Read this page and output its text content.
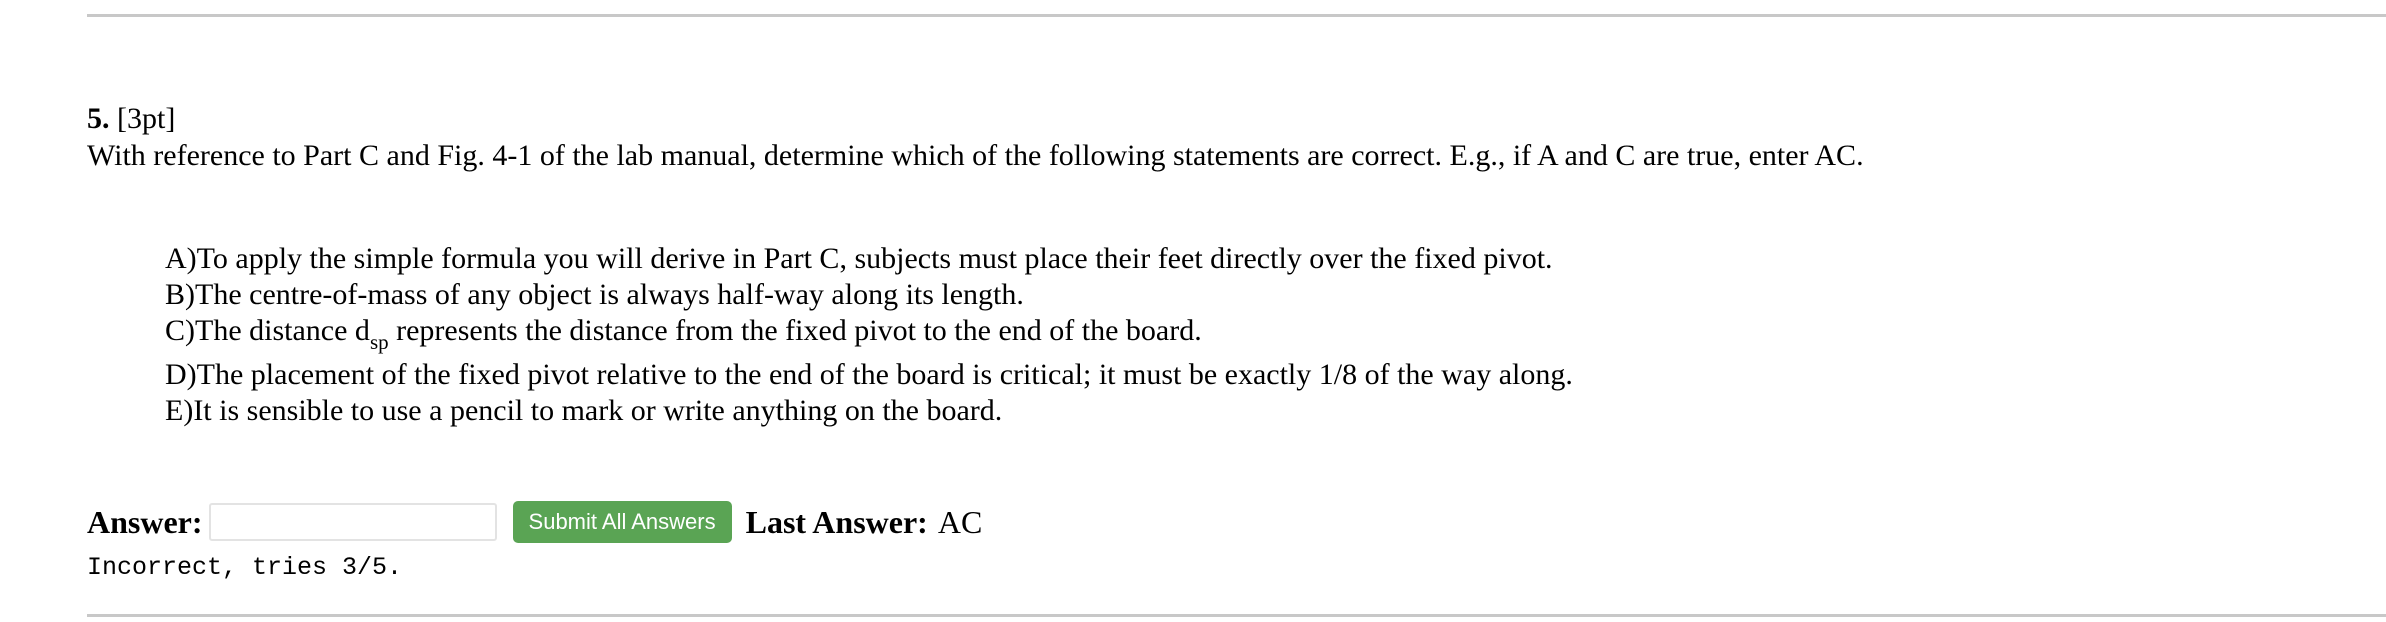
5. [3pt]
With reference to Part C and Fig. 4-1 of the lab manual, determine which of the following statements are correct. E.g., if A and C are true, enter AC.
A)To apply the simple formula you will derive in Part C, subjects must place their feet directly over the fixed pivot.
B)The centre-of-mass of any object is always half-way along its length.
C)The distance $d_{sp}$ represents the distance from the fixed pivot to the end of the board.
D)The placement of the fixed pivot relative to the end of the board is critical; it must be exactly 1/8 of the way along.
E)It is sensible to use a pencil to mark or write anything on the board.
Answer:	Submit All Answers Last Answer: AC
Incorrect, tries 3/5.
